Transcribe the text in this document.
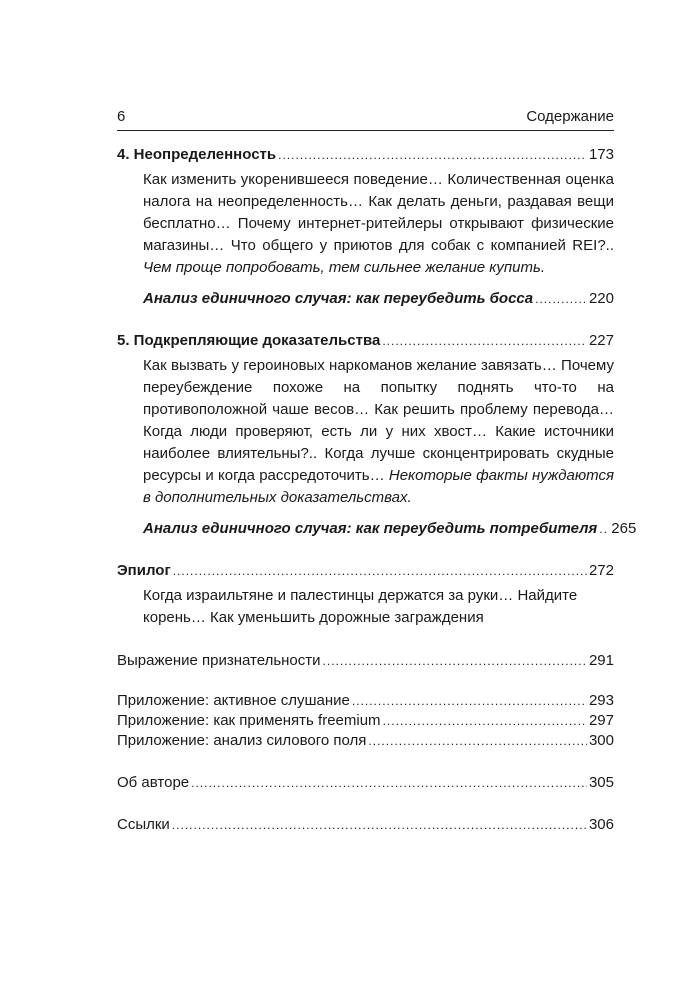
6	Содержание
4. Неопределенность .....	173
Как изменить укоренившееся поведение… Количественная оценка налога на неопределенность… Как делать деньги, раздавая вещи бесплатно… Почему интернет-ритейлеры открывают физические магазины… Что общего у приютов для собак с компанией REI?.. Чем проще попробовать, тем сильнее желание купить.
Анализ единичного случая: как переубедить босса .....	220
5. Подкрепляющие доказательства .....	227
Как вызвать у героиновых наркоманов желание завязать… Почему переубеждение похоже на попытку поднять что-то на противоположной чаше весов… Как решить проблему перевода… Когда люди проверяют, есть ли у них хвост… Какие источники наиболее влиятельны?.. Когда лучше сконцентрировать скудные ресурсы и когда рассредоточить… Некоторые факты нуждаются в дополнительных доказательствах.
Анализ единичного случая: как переубедить потребителя ..... 265
Эпилог .....	272
Когда израильтяне и палестинцы держатся за руки… Найдите корень… Как уменьшить дорожные заграждения
Выражение признательности .....	291
Приложение: активное слушание .....	293
Приложение: как применять freemium .....	297
Приложение: анализ силового поля .....	300
Об авторе .....	305
Ссылки .....	306
